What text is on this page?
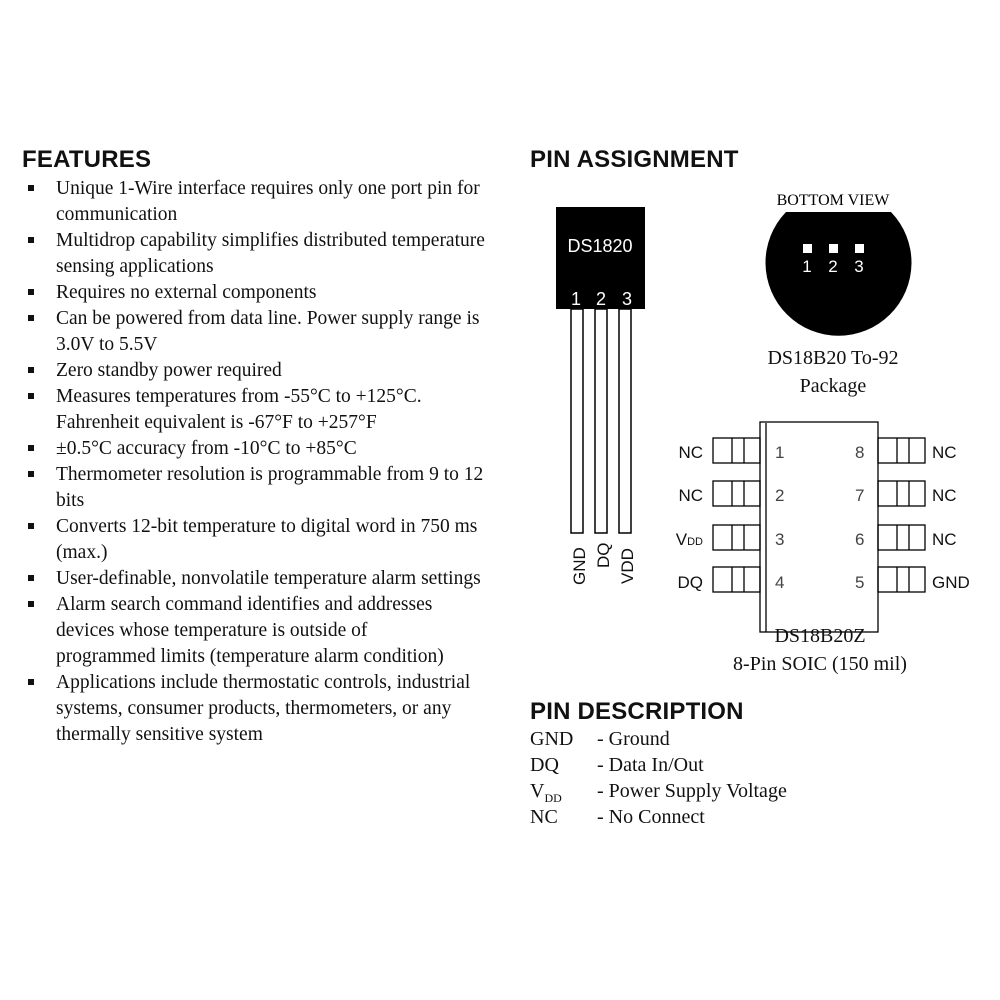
FEATURES
Unique 1-Wire interface requires only one port pin for communication
Multidrop capability simplifies distributed temperature sensing applications
Requires no external components
Can be powered from data line. Power supply range is 3.0V to 5.5V
Zero standby power required
Measures temperatures from -55°C to +125°C. Fahrenheit equivalent is -67°F to +257°F
±0.5°C accuracy from -10°C to +85°C
Thermometer resolution is programmable from 9 to 12 bits
Converts 12-bit temperature to digital word in 750 ms (max.)
User-definable, nonvolatile temperature alarm settings
Alarm search command identifies and addresses devices whose temperature is outside of programmed limits (temperature alarm condition)
Applications include thermostatic controls, industrial systems, consumer products, thermometers, or any thermally sensitive system
PIN ASSIGNMENT
DS1820
1 2 3
GND DQ VDD
BOTTOM VIEW
1 2 3
DS18B20 To-92
Package
NC
NC
VDD
DQ
1
2
3
4
8
7
6
5
NC
NC
NC
GND
DS18B20Z
8-Pin SOIC (150 mil)
PIN DESCRIPTION
GND - Ground
DQ - Data In/Out
$V_{DD}$ - Power Supply Voltage
NC - No Connect
